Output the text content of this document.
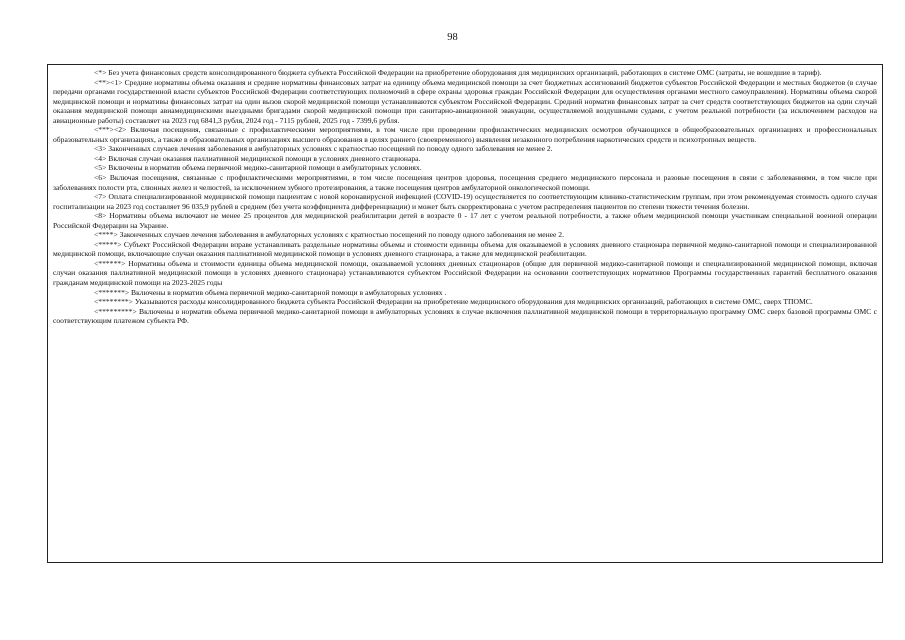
98

<*> Без учета финансовых средств консолидированного бюджета субъекта Российской Федерации на приобретение оборудования для медицинских организаций, работающих в системе ОМС (затраты, не вошедшие в тариф).

<**><1> Средние нормативы объема оказания и средние нормативы финансовых затрат на единицу объема медицинской помощи за счет бюджетных ассигнований бюджетов субъектов Российской Федерации и местных бюджетов (в случае передачи органами государственной власти субъектов Российской Федерации соответствующих полномочий в сфере охраны здоровья граждан Российской Федерации для осуществления органами местного самоуправления). Нормативы объема скорой медицинской помощи и нормативы финансовых затрат на один вызов скорой медицинской помощи устанавливаются субъектом Российской Федерации. Средний норматив финансовых затрат за счет средств соответствующих бюджетов на один случай оказания медицинской помощи авиамедицинскими выездными бригадами скорой медицинской помощи при санитарно-авиационной эвакуации, осуществляемой воздушными судами, с учетом реальной потребности (за исключением расходов на авиационные работы) составляет на 2023 год 6841,3 рубля, 2024 год - 7115 рублей, 2025 год - 7399,6 рубля.

<***><2> Включая посещения, связанные с профилактическими мероприятиями, в том числе при проведении профилактических медицинских осмотров обучающихся в общеобразовательных организациях и профессиональных образовательных организациях, а также в образовательных организациях высшего образования в целях раннего (своевременного) выявления незаконного потребления наркотических средств и психотропных веществ.

<3> Законченных случаев лечения заболевания в амбулаторных условиях с кратностью посещений по поводу одного заболевания не менее 2.

<4> Включая случаи оказания паллиативной медицинской помощи в условиях дневного стационара.

<5> Включены в норматив объема первичной медико-санитарной помощи в амбулаторных условиях.

<6> Включая посещения, связанные с профилактическими мероприятиями, в том числе посещения центров здоровья, посещения среднего медицинского персонала и разовые посещения в связи с заболеваниями, в том числе при заболеваниях полости рта, слюнных желез и челюстей, за исключением зубного протезирования, а также посещения центров амбулаторной онкологической помощи.

<7> Оплата специализированной медицинской помощи пациентам с новой коронавирусной инфекцией (COVID-19) осуществляется по соответствующим клинико-статистическим группам, при этом рекомендуемая стоимость одного случая госпитализации на 2023 год составляет 96 035,9 рублей в среднем (без учета коэффициента дифференциации) и может быть скорректирована с учетом распределения пациентов по степени тяжести течения болезни.

<8> Нормативы объема включают не менее 25 процентов для медицинской реабилитации детей в возрасте 0 - 17 лет с учетом реальной потребности, а также объем медицинской помощи участникам специальной военной операции Российской Федерации на Украине.

<****> Законченных случаев лечения заболевания в амбулаторных условиях с кратностью посещений по поводу одного заболевания не менее 2.

<*****> Субъект Российской Федерации вправе устанавливать раздельные нормативы объемы и стоимости единицы объема для оказываемой в условиях дневного стационара первичной медико-санитарной помощи и специализированной медицинской помощи, включающие случаи оказания паллиативной медицинской помощи в условиях дневного стационара, а также для медицинской реабилитации.

<******> Нормативы объема и стоимости единицы объема медицинской помощи, оказываемой условиях дневных стационаров (общие для первичной медико-санитарной помощи и специализированной медицинской помощи, включая случаи оказания паллиативной медицинской помощи в условиях дневного стационара) устанавливаются субъектом Российской Федерации на основании соответствующих нормативов Программы государственных гарантий бесплатного оказания гражданам медицинской помощи на 2023-2025 годы

<*******> Включены в норматив объема первичной медико-санитарной помощи в амбулаторных условиях .

<********> Указываются расходы консолидированного бюджета субъекта Российской Федерации на приобретение медицинского оборудования для медицинских организаций, работающих в системе ОМС, сверх ТПОМС.

<*********> Включены в норматив объема первичной медико-санитарной помощи в амбулаторных условиях в случае включения паллиативной медицинской помощи в территориальную программу ОМС сверх базовой программы ОМС с соответствующим платежом субъекта РФ.
